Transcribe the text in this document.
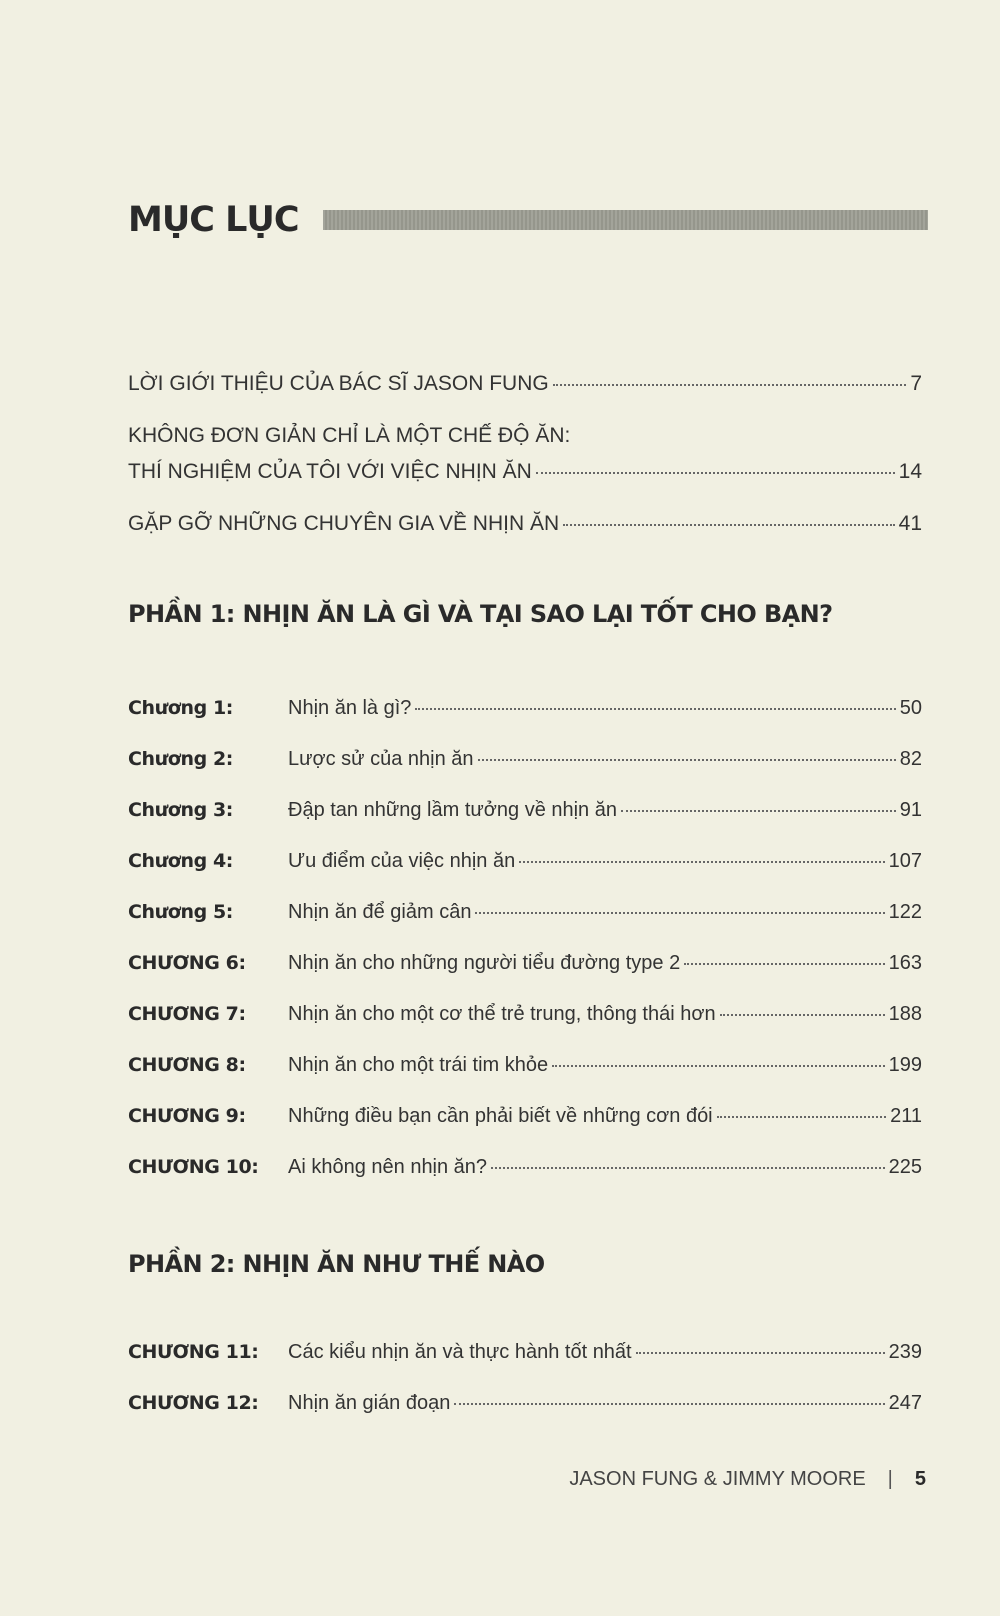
MỤC LỤC
LỜI GIỚI THIỆU CỦA BÁC SĨ JASON FUNG	7
KHÔNG ĐƠN GIẢN CHỈ LÀ MỘT CHẾ ĐỘ ĂN:
THÍ NGHIỆM CỦA TÔI VỚI VIỆC NHỊN ĂN	14
GẶP GỠ NHỮNG CHUYÊN GIA VỀ NHỊN ĂN	41
PHẦN 1: NHỊN ĂN LÀ GÌ VÀ TẠI SAO LẠI TỐT CHO BẠN?
Chương 1:	Nhịn ăn là gì?	50
Chương 2:	Lược sử của nhịn ăn	82
Chương 3:	Đập tan những lầm tưởng về nhịn ăn	91
Chương 4:	Ưu điểm của việc nhịn ăn	107
Chương 5:	Nhịn ăn để giảm cân	122
CHƯƠNG 6:	Nhịn ăn cho những người tiểu đường type 2	163
CHƯƠNG 7:	Nhịn ăn cho một cơ thể trẻ trung, thông thái hơn	188
CHƯƠNG 8:	Nhịn ăn cho một trái tim khỏe	199
CHƯƠNG 9:	Những điều bạn cần phải biết về những cơn đói	211
CHƯƠNG 10:	Ai không nên nhịn ăn?	225
PHẦN 2: NHỊN ĂN NHƯ THẾ NÀO
CHƯƠNG 11:	Các kiểu nhịn ăn và thực hành tốt nhất	239
CHƯƠNG 12:	Nhịn ăn gián đoạn	247
JASON FUNG & JIMMY MOORE | 5
